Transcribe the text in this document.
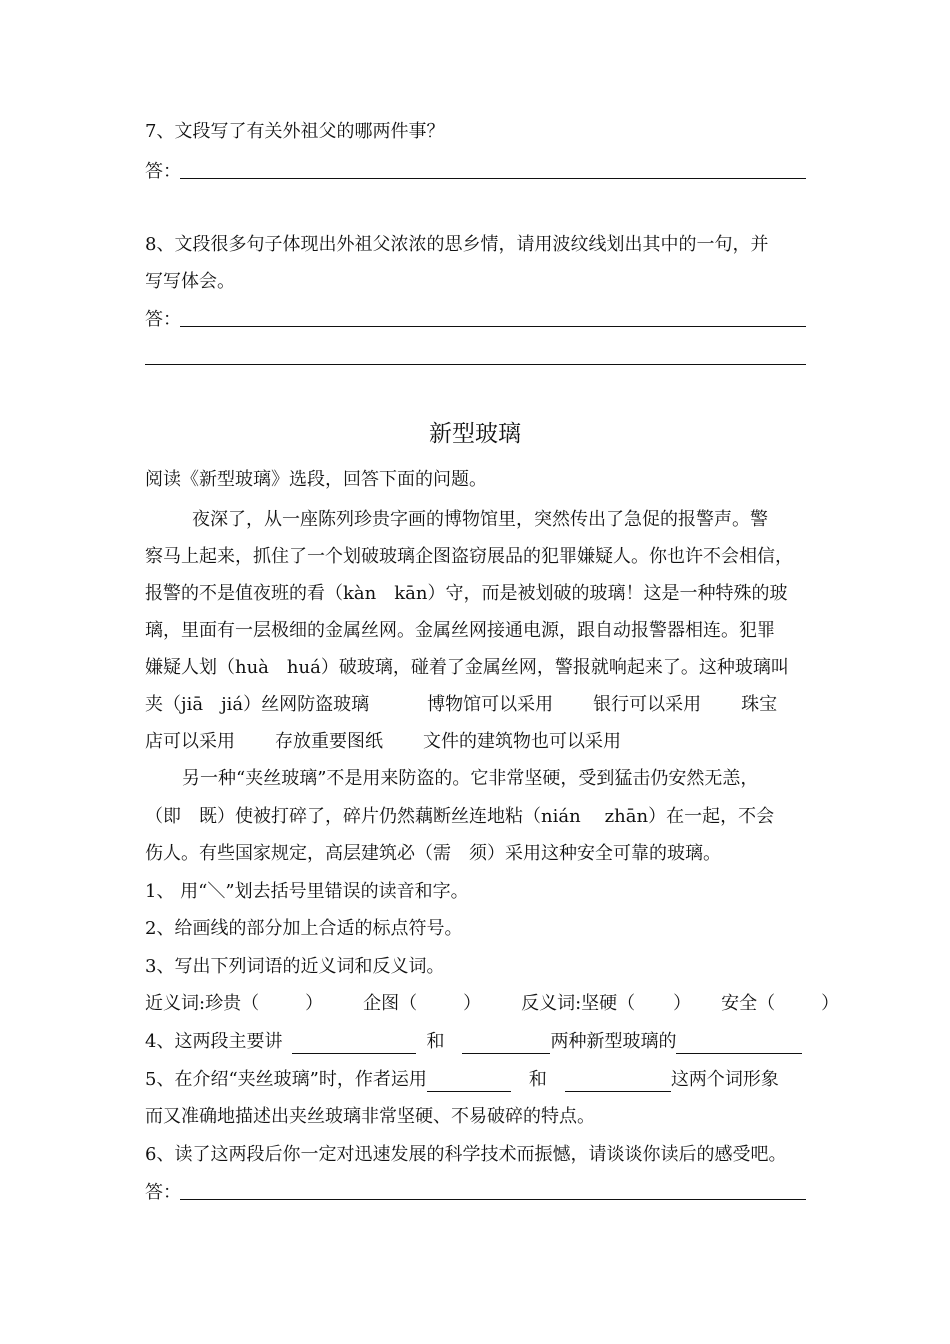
7、文段写了有关外祖父的哪两件事？
答：
8、文段很多句子体现出外祖父浓浓的思乡情，请用波纹线划出其中的一句，并
写写体会。
答：
新型玻璃
阅读《新型玻璃》选段，回答下面的问题。
夜深了，从一座陈列珍贵字画的博物馆里，突然传出了急促的报警声。警
察马上起来，抓住了一个划破玻璃企图盗窃展品的犯罪嫌疑人。你也许不会相信，
报警的不是值夜班的看（kàn kān）守，而是被划破的玻璃！这是一种特殊的玻
璃，里面有一层极细的金属丝网。金属丝网接通电源，跟自动报警器相连。犯罪
嫌疑人划（huà huá）破玻璃，碰着了金属丝网，警报就响起来了。这种玻璃叫
夹（jiā jiá）丝网防盗玻璃	博物馆可以采用 银行可以采用 珠宝
店可以采用 存放重要图纸 文件的建筑物也可以采用
另一种“夹丝玻璃”不是用来防盗的。它非常坚硬，受到猛击仍安然无恙，
（即 既）使被打碎了，碎片仍然藕断丝连地粘（nián zhān）在一起，不会
伤人。有些国家规定，高层建筑必（需 须）采用这种安全可靠的玻璃。
1、 用“＼”划去括号里错误的读音和字。
2、给画线的部分加上合适的标点符号。
3、写出下列词语的近义词和反义词。
近义词:珍贵（	） 企图（	） 反义词:坚硬（ ） 安全（	）
4、这两段主要讲	和	两种新型玻璃的
5、在介绍“夹丝玻璃”时，作者运用	和	这两个词形象
而又准确地描述出夹丝玻璃非常坚硬、不易破碎的特点。
6、读了这两段后你一定对迅速发展的科学技术而振憾，请谈谈你读后的感受吧。
答：
